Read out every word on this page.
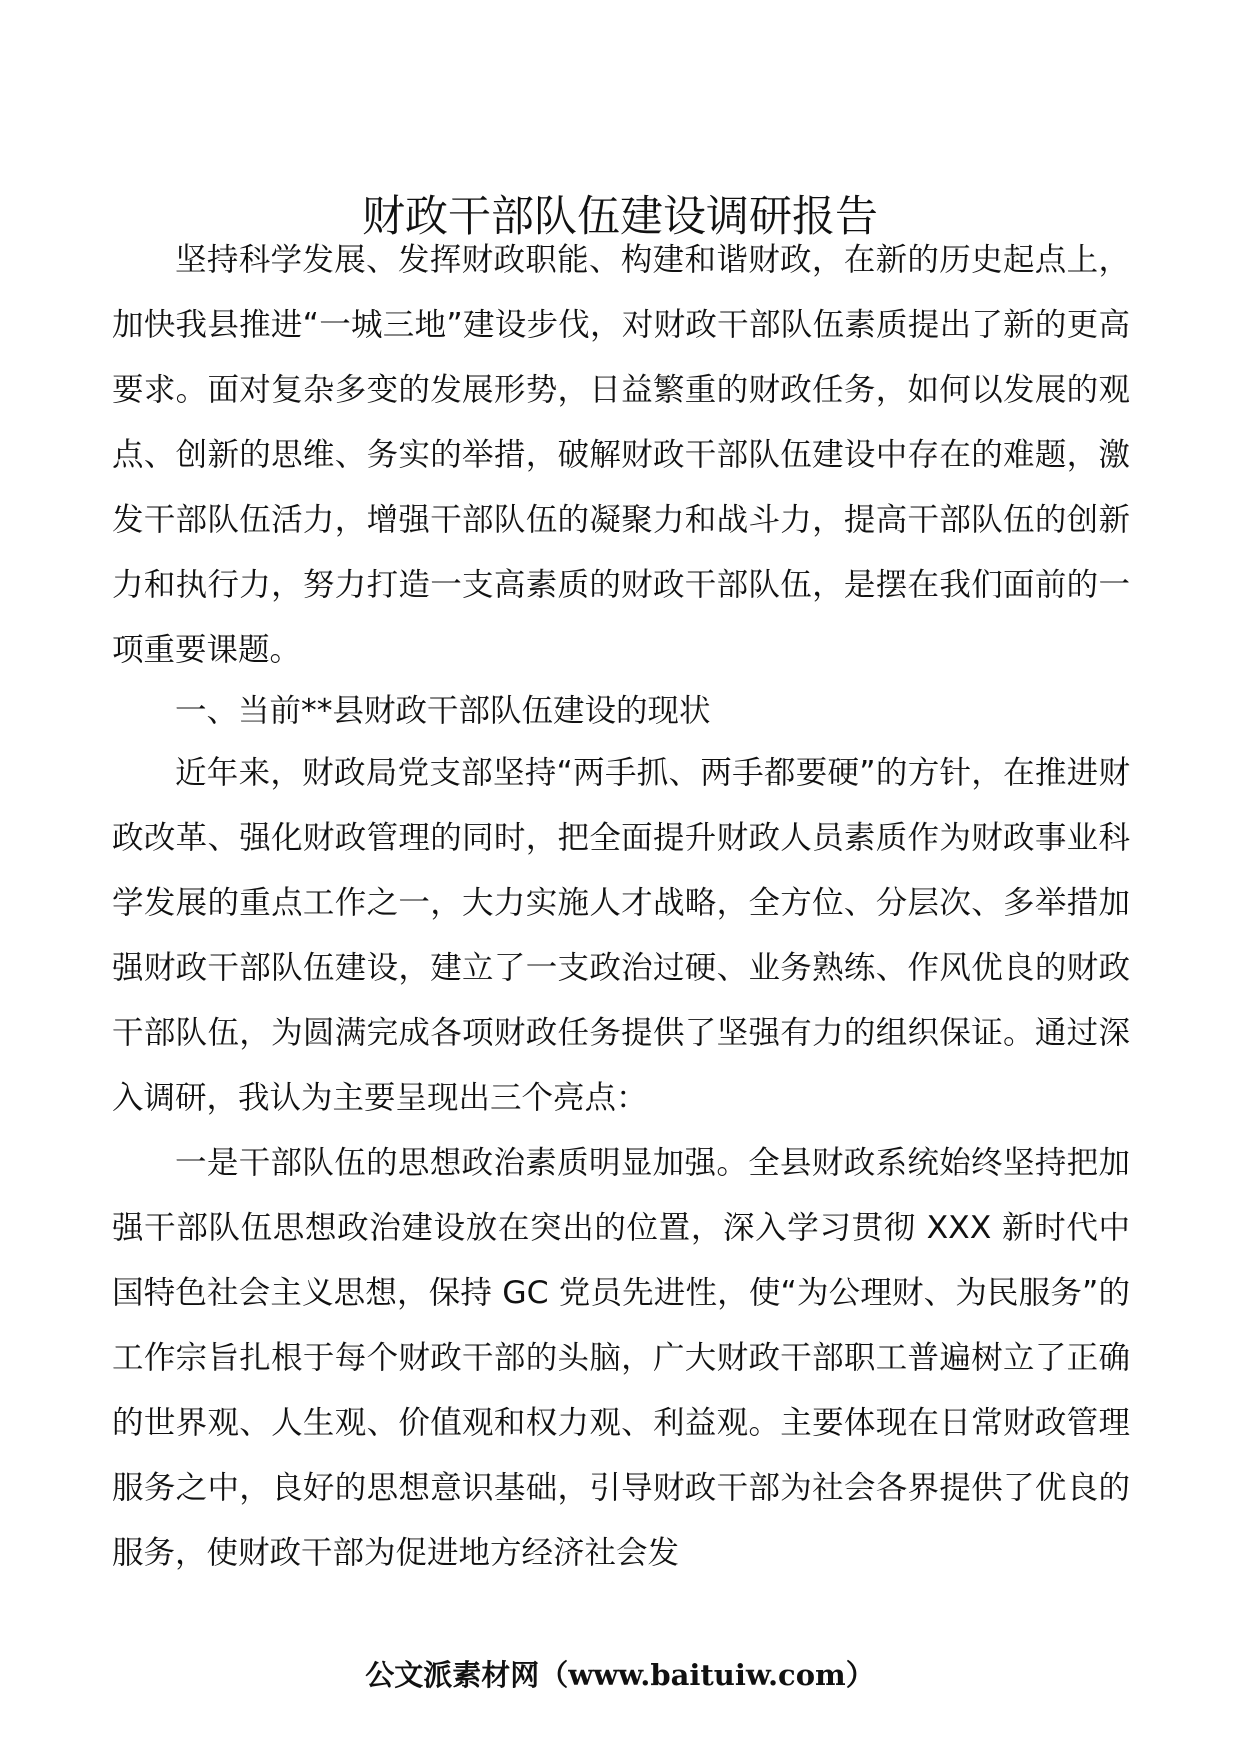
财政干部队伍建设调研报告

坚持科学发展、发挥财政职能、构建和谐财政，在新的历史起点上，加快我县推进“一城三地”建设步伐，对财政干部队伍素质提出了新的更高要求。面对复杂多变的发展形势，日益繁重的财政任务，如何以发展的观点、创新的思维、务实的举措，破解财政干部队伍建设中存在的难题，激发干部队伍活力，增强干部队伍的凝聚力和战斗力，提高干部队伍的创新力和执行力，努力打造一支高素质的财政干部队伍，是摆在我们面前的一项重要课题。

一、当前**县财政干部队伍建设的现状

近年来，财政局党支部坚持“两手抓、两手都要硬”的方针，在推进财政改革、强化财政管理的同时，把全面提升财政人员素质作为财政事业科学发展的重点工作之一，大力实施人才战略，全方位、分层次、多举措加强财政干部队伍建设，建立了一支政治过硬、业务熟练、作风优良的财政干部队伍，为圆满完成各项财政任务提供了坚强有力的组织保证。通过深入调研，我认为主要呈现出三个亮点：

一是干部队伍的思想政治素质明显加强。全县财政系统始终坚持把加强干部队伍思想政治建设放在突出的位置，深入学习贯彻 XXX 新时代中国特色社会主义思想，保持 GC 党员先进性，使“为公理财、为民服务”的工作宗旨扎根于每个财政干部的头脑，广大财政干部职工普遍树立了正确的世界观、人生观、价值观和权力观、利益观。主要体现在日常财政管理服务之中，良好的思想意识基础，引导财政干部为社会各界提供了优良的服务，使财政干部为促进地方经济社会发

公文派素材网（www.baituiw.com）
